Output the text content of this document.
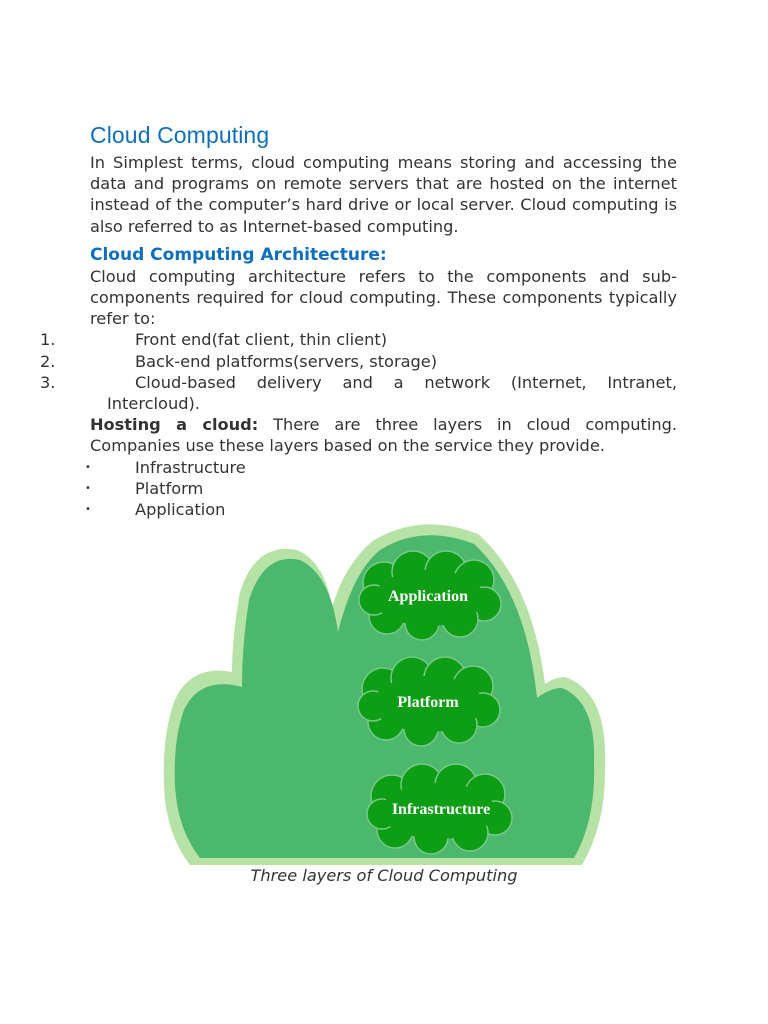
Cloud Computing

In Simplest terms, cloud computing means storing and accessing the data and programs on remote servers that are hosted on the internet instead of the computer’s hard drive or local server. Cloud computing is also referred to as Internet-based computing.

Cloud Computing Architecture:

Cloud computing architecture refers to the components and sub-components required for cloud computing. These components typically refer to:

1.	Front end(fat client, thin client)
2.	Back-end platforms(servers, storage)
3.	Cloud-based delivery and a network (Internet, Intranet, Intercloud).

Hosting a cloud: There are three layers in cloud computing. Companies use these layers based on the service they provide.

•	Infrastructure
•	Platform
•	Application
Application
Platform
Infrastructure
Three layers of Cloud Computing
